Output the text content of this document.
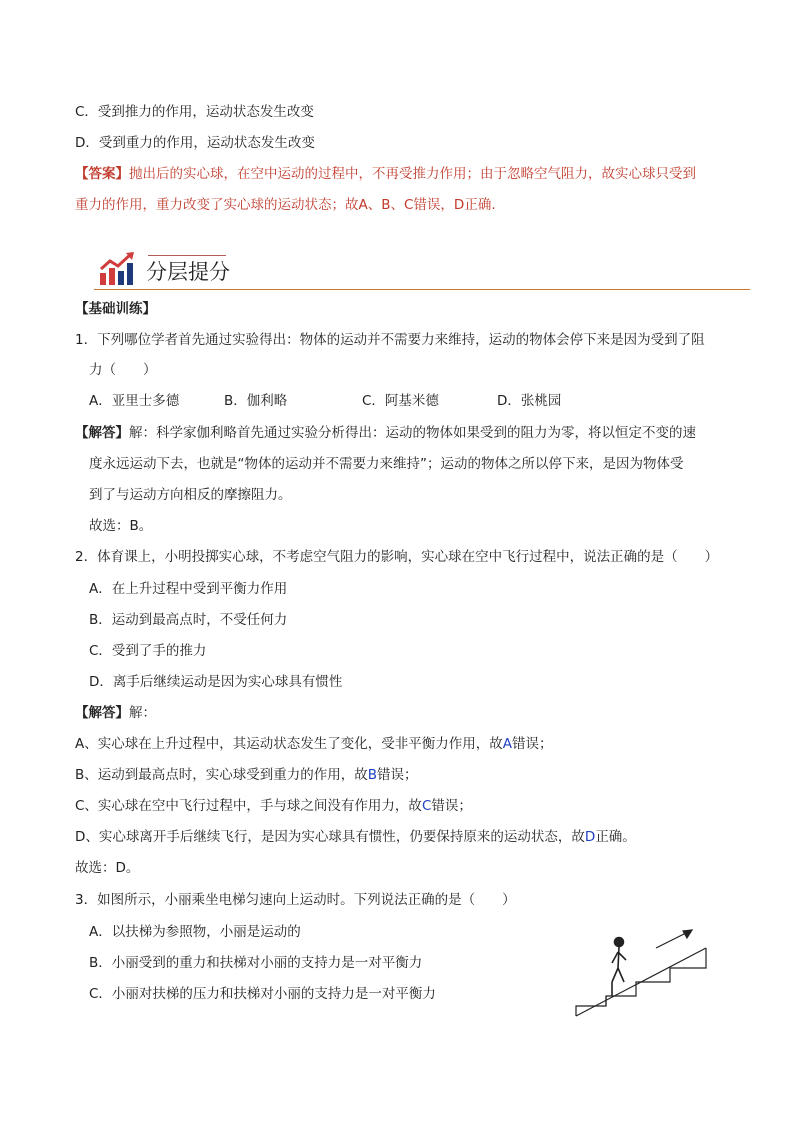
C．受到推力的作用，运动状态发生改变
D．受到重力的作用，运动状态发生改变
【答案】抛出后的实心球，在空中运动的过程中，不再受推力作用；由于忽略空气阻力，故实心球只受到
重力的作用，重力改变了实心球的运动状态；故A、B、C错误，D正确.
分层提分
【基础训练】
1．下列哪位学者首先通过实验得出：物体的运动并不需要力来维持，运动的物体会停下来是因为受到了阻
力（　　）
A．亚里士多德	B．伽利略	C．阿基米德	D．张桃园
【解答】解：科学家伽利略首先通过实验分析得出：运动的物体如果受到的阻力为零，将以恒定不变的速
度永远运动下去，也就是“物体的运动并不需要力来维持”；运动的物体之所以停下来，是因为物体受
到了与运动方向相反的摩擦阻力。
故选：B。
2．体育课上，小明投掷实心球，不考虑空气阻力的影响，实心球在空中飞行过程中，说法正确的是（　　）
A．在上升过程中受到平衡力作用
B．运动到最高点时，不受任何力
C．受到了手的推力
D．离手后继续运动是因为实心球具有惯性
【解答】解：
A、实心球在上升过程中，其运动状态发生了变化，受非平衡力作用，故A错误；
B、运动到最高点时，实心球受到重力的作用，故B错误；
C、实心球在空中飞行过程中，手与球之间没有作用力，故C错误；
D、实心球离开手后继续飞行，是因为实心球具有惯性，仍要保持原来的运动状态，故D正确。
故选：D。
3．如图所示，小丽乘坐电梯匀速向上运动时。下列说法正确的是（　　）
A．以扶梯为参照物，小丽是运动的
B．小丽受到的重力和扶梯对小丽的支持力是一对平衡力
C．小丽对扶梯的压力和扶梯对小丽的支持力是一对平衡力
